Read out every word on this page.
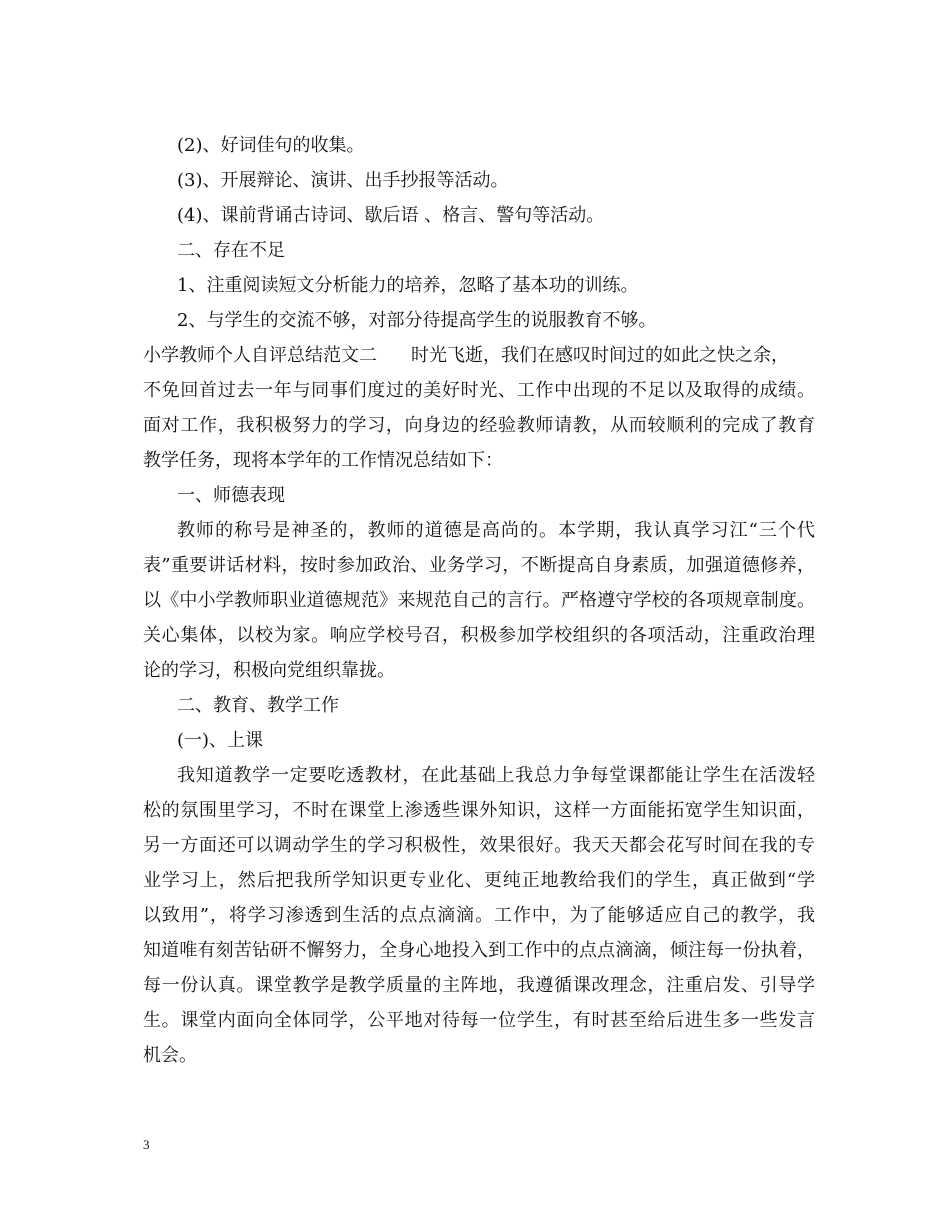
(2)、好词佳句的收集。
(3)、开展辩论、演讲、出手抄报等活动。
(4)、课前背诵古诗词、歇后语 、格言、警句等活动。
二、存在不足
1、注重阅读短文分析能力的培养，忽略了基本功的训练。
2、与学生的交流不够，对部分待提高学生的说服教育不够。
小学教师个人自评总结范文二 时光飞逝，我们在感叹时间过的如此之快之余，
不免回首过去一年与同事们度过的美好时光、工作中出现的不足以及取得的成绩。
面对工作，我积极努力的学习，向身边的经验教师请教，从而较顺利的完成了教育
教学任务，现将本学年的工作情况总结如下：
一、师德表现
教师的称号是神圣的，教师的道德是高尚的。本学期，我认真学习江“三个代
表”重要讲话材料，按时参加政治、业务学习，不断提高自身素质，加强道德修养，
以《中小学教师职业道德规范》来规范自己的言行。严格遵守学校的各项规章制度。
关心集体，以校为家。响应学校号召，积极参加学校组织的各项活动，注重政治理
论的学习，积极向党组织靠拢。
二、教育、教学工作
(一)、上课
我知道教学一定要吃透教材，在此基础上我总力争每堂课都能让学生在活泼轻
松的氛围里学习，不时在课堂上渗透些课外知识，这样一方面能拓宽学生知识面，
另一方面还可以调动学生的学习积极性，效果很好。我天天都会花写时间在我的专
业学习上，然后把我所学知识更专业化、更纯正地教给我们的学生，真正做到“学
以致用”，将学习渗透到生活的点点滴滴。工作中，为了能够适应自己的教学，我
知道唯有刻苦钻研不懈努力，全身心地投入到工作中的点点滴滴，倾注每一份执着，
每一份认真。课堂教学是教学质量的主阵地，我遵循课改理念，注重启发、引导学
生。课堂内面向全体同学，公平地对待每一位学生，有时甚至给后进生多一些发言
机会。
3
